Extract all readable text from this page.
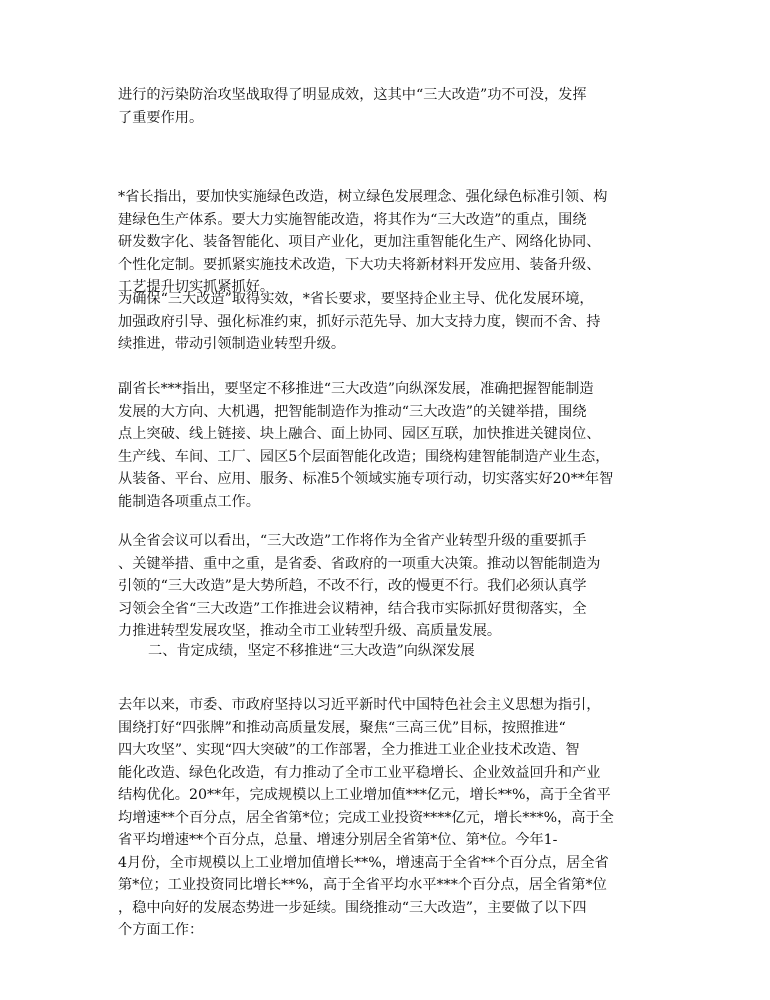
进行的污染防治攻坚战取得了明显成效，这其中“三大改造”功不可没，发挥
了重要作用。
*省长指出，要加快实施绿色改造，树立绿色发展理念、强化绿色标准引领、构
建绿色生产体系。要大力实施智能改造，将其作为“三大改造”的重点，围绕
研发数字化、装备智能化、项目产业化，更加注重智能化生产、网络化协同、
个性化定制。要抓紧实施技术改造，下大功夫将新材料开发应用、装备升级、
工艺提升切实抓紧抓好。
为确保“三大改造”取得实效，*省长要求，要坚持企业主导、优化发展环境，
加强政府引导、强化标准约束，抓好示范先导、加大支持力度，锲而不舍、持
续推进，带动引领制造业转型升级。
副省长***指出，要坚定不移推进“三大改造”向纵深发展，准确把握智能制造
发展的大方向、大机遇，把智能制造作为推动“三大改造”的关键举措，围绕
点上突破、线上链接、块上融合、面上协同、园区互联，加快推进关键岗位、
生产线、车间、工厂、园区5个层面智能化改造；围绕构建智能制造产业生态，
从装备、平台、应用、服务、标准5个领域实施专项行动，切实落实好20**年智
能制造各项重点工作。
从全省会议可以看出，“三大改造”工作将作为全省产业转型升级的重要抓手
、关键举措、重中之重，是省委、省政府的一项重大决策。推动以智能制造为
引领的“三大改造”是大势所趋，不改不行，改的慢更不行。我们必须认真学
习领会全省“三大改造”工作推进会议精神，结合我市实际抓好贯彻落实，全
力推进转型发展攻坚，推动全市工业转型升级、高质量发展。
二、肯定成绩，坚定不移推进“三大改造”向纵深发展
去年以来，市委、市政府坚持以习近平新时代中国特色社会主义思想为指引，
围绕打好“四张牌”和推动高质量发展，聚焦“三高三优”目标，按照推进“
四大攻坚”、实现“四大突破”的工作部署，全力推进工业企业技术改造、智
能化改造、绿色化改造，有力推动了全市工业平稳增长、企业效益回升和产业
结构优化。20**年，完成规模以上工业增加值***亿元，增长**%，高于全省平
均增速**个百分点，居全省第*位；完成工业投资****亿元，增长***%，高于全
省平均增速**个百分点，总量、增速分别居全省第*位、第*位。今年1-
4月份，全市规模以上工业增加值增长**%，增速高于全省**个百分点，居全省
第*位；工业投资同比增长**%，高于全省平均水平***个百分点，居全省第*位
，稳中向好的发展态势进一步延续。围绕推动“三大改造”，主要做了以下四
个方面工作：
